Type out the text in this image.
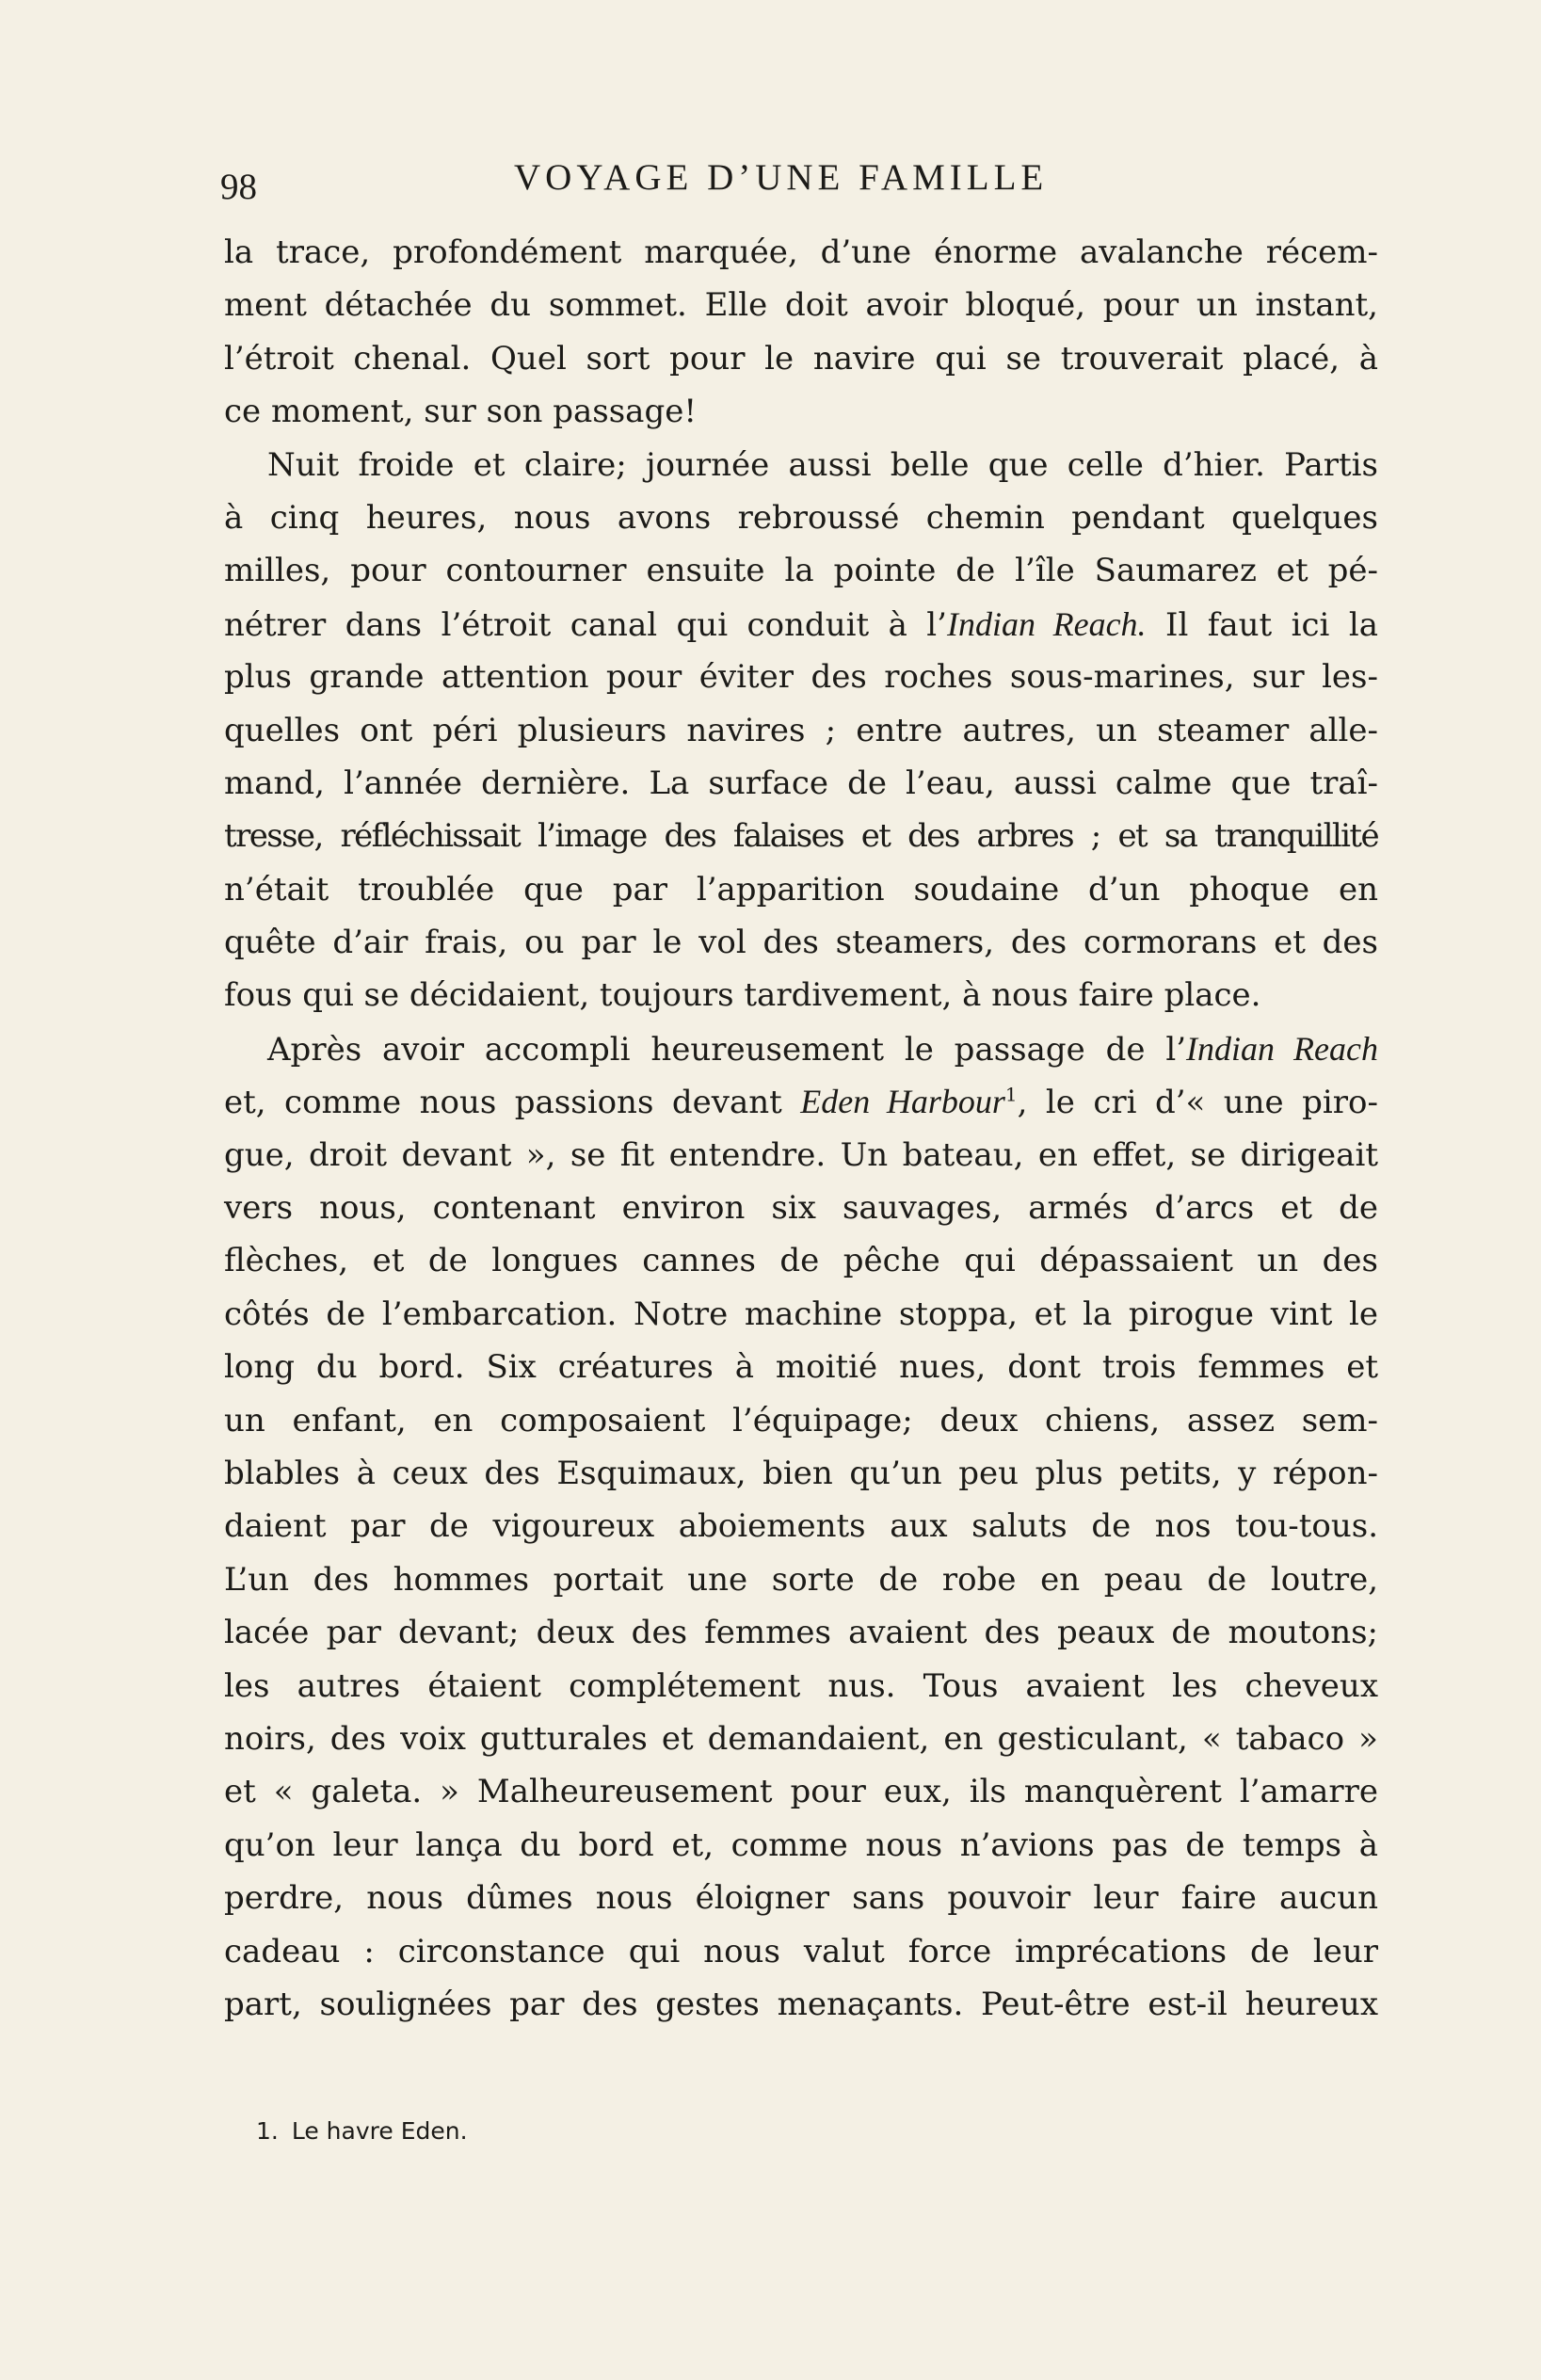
98	VOYAGE D’UNE FAMILLE
la trace, profondément marquée, d’une énorme avalanche récem-
ment détachée du sommet. Elle doit avoir bloqué, pour un instant,
l’étroit chenal. Quel sort pour le navire qui se trouverait placé, à
ce moment, sur son passage!
Nuit froide et claire; journée aussi belle que celle d’hier. Partis
à cinq heures, nous avons rebroussé chemin pendant quelques
milles, pour contourner ensuite la pointe de l’île Saumarez et pé-
nétrer dans l’étroit canal qui conduit à l’Indian Reach. Il faut ici la
plus grande attention pour éviter des roches sous-marines, sur les-
quelles ont péri plusieurs navires ; entre autres, un steamer alle-
mand, l’année dernière. La surface de l’eau, aussi calme que traî-
tresse, réfléchissait l’image des falaises et des arbres ; et sa tranquillité
n’était troublée que par l’apparition soudaine d’un phoque en
quête d’air frais, ou par le vol des steamers, des cormorans et des
fous qui se décidaient, toujours tardivement, à nous faire place.
Après avoir accompli heureusement le passage de l’Indian Reach
et, comme nous passions devant Eden Harbour$^1$, le cri d’« une piro-
gue, droit devant », se fit entendre. Un bateau, en effet, se dirigeait
vers nous, contenant environ six sauvages, armés d’arcs et de
flèches, et de longues cannes de pêche qui dépassaient un des
côtés de l’embarcation. Notre machine stoppa, et la pirogue vint le
long du bord. Six créatures à moitié nues, dont trois femmes et
un enfant, en composaient l’équipage; deux chiens, assez sem-
blables à ceux des Esquimaux, bien qu’un peu plus petits, y répon-
daient par de vigoureux aboiements aux saluts de nos tou-tous.
L’un des hommes portait une sorte de robe en peau de loutre,
lacée par devant; deux des femmes avaient des peaux de moutons;
les autres étaient complétement nus. Tous avaient les cheveux
noirs, des voix gutturales et demandaient, en gesticulant, « tabaco »
et « galeta. » Malheureusement pour eux, ils manquèrent l’amarre
qu’on leur lança du bord et, comme nous n’avions pas de temps à
perdre, nous dûmes nous éloigner sans pouvoir leur faire aucun
cadeau : circonstance qui nous valut force imprécations de leur
part, soulignées par des gestes menaçants. Peut-être est-il heureux
1. Le havre Eden.
